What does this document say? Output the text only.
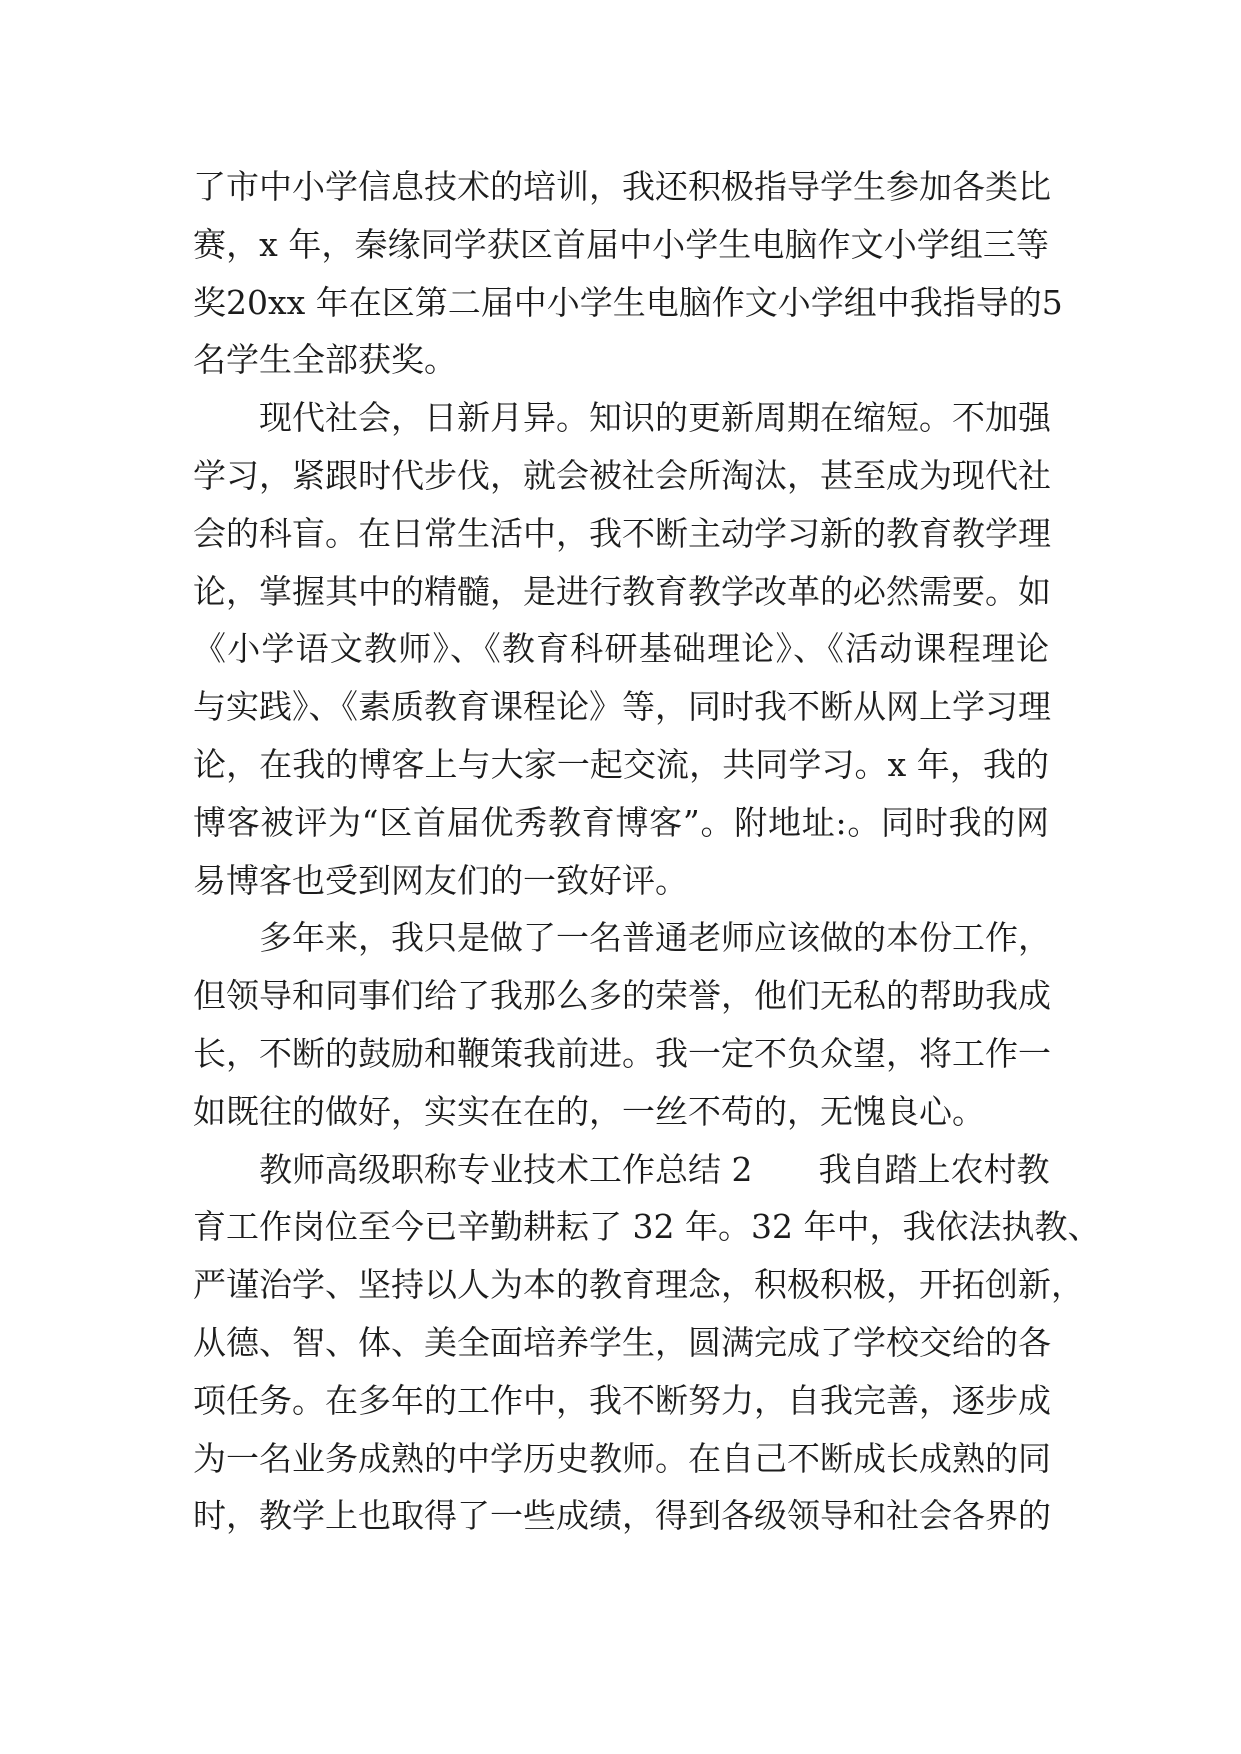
了市中小学信息技术的培训，我还积极指导学生参加各类比
赛，x 年，秦缘同学获区首届中小学生电脑作文小学组三等
奖20xx 年在区第二届中小学生电脑作文小学组中我指导的5
名学生全部获奖。
现代社会，日新月异。知识的更新周期在缩短。不加强
学习，紧跟时代步伐，就会被社会所淘汰，甚至成为现代社
会的科盲。在日常生活中，我不断主动学习新的教育教学理
论，掌握其中的精髓，是进行教育教学改革的必然需要。如
《小学语文教师》、《教育科研基础理论》、《活动课程理论
与实践》、《素质教育课程论》等，同时我不断从网上学习理
论，在我的博客上与大家一起交流，共同学习。x 年，我的
博客被评为“区首届优秀教育博客”。附地址:。同时我的网
易博客也受到网友们的一致好评。
多年来，我只是做了一名普通老师应该做的本份工作，
但领导和同事们给了我那么多的荣誉，他们无私的帮助我成
长，不断的鼓励和鞭策我前进。我一定不负众望，将工作一
如既往的做好，实实在在的，一丝不苟的，无愧良心。
教师高级职称专业技术工作总结 2　　我自踏上农村教
育工作岗位至今已辛勤耕耘了 32 年。32 年中，我依法执教、
严谨治学、坚持以人为本的教育理念，积极积极，开拓创新，
从德、智、体、美全面培养学生，圆满完成了学校交给的各
项任务。在多年的工作中，我不断努力，自我完善，逐步成
为一名业务成熟的中学历史教师。在自己不断成长成熟的同
时，教学上也取得了一些成绩，得到各级领导和社会各界的
